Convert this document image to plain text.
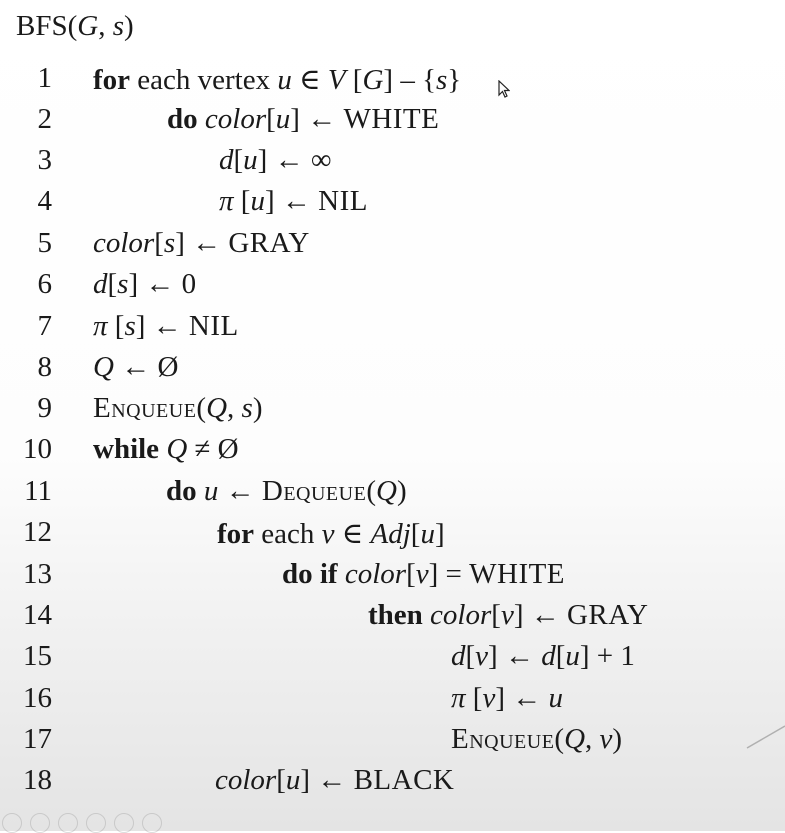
BFS(G, s)
1 for each vertex u ∈ V [G] – {s}
2	do color[u] ← WHITE
3	d[u] ← ∞
4	π [u] ← NIL
5 color[s] ← GRAY
6 d[s] ← 0
7 π [s] ← NIL
8 Q ← Ø
9 Enqueue(Q, s)
10 while Q ≠ Ø
11	do u ← Dequeue(Q)
12	for each v ∈ Adj[u]
13	do if color[v] = WHITE
14	then color[v] ← GRAY
15	d[v] ← d[u] + 1
16	π [v] ← u
17	Enqueue(Q, v)
18	color[u] ← BLACK
